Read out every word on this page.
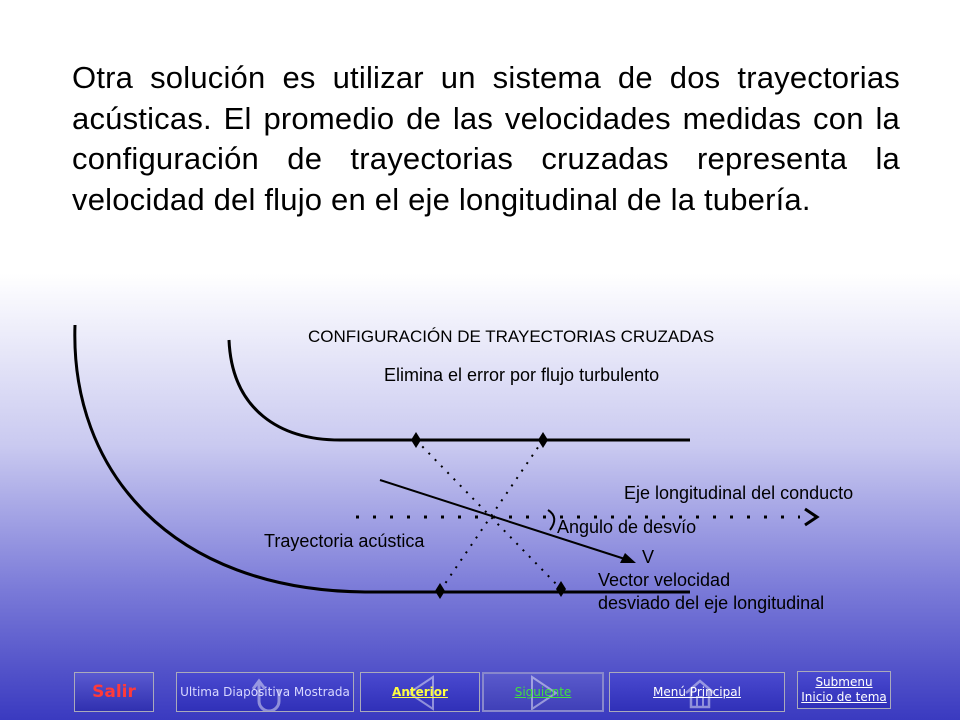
Otra solución es utilizar un sistema de dos trayectorias acústicas. El promedio de las velocidades medidas con la configuración de trayectorias cruzadas representa la velocidad del flujo en el eje longitudinal de la tubería.
CONFIGURACIÓN DE TRAYECTORIAS CRUZADAS
Elimina el error por flujo turbulento
Eje longitudinal del conducto
Angulo de desvío
Trayectoria acústica
V
Vector velocidad
desviado del eje longitudinal
Salir	Ultima Diapositiva Mostrada	Anterior	Siguiente	Menú Principal
Submenu
Inicio de tema
